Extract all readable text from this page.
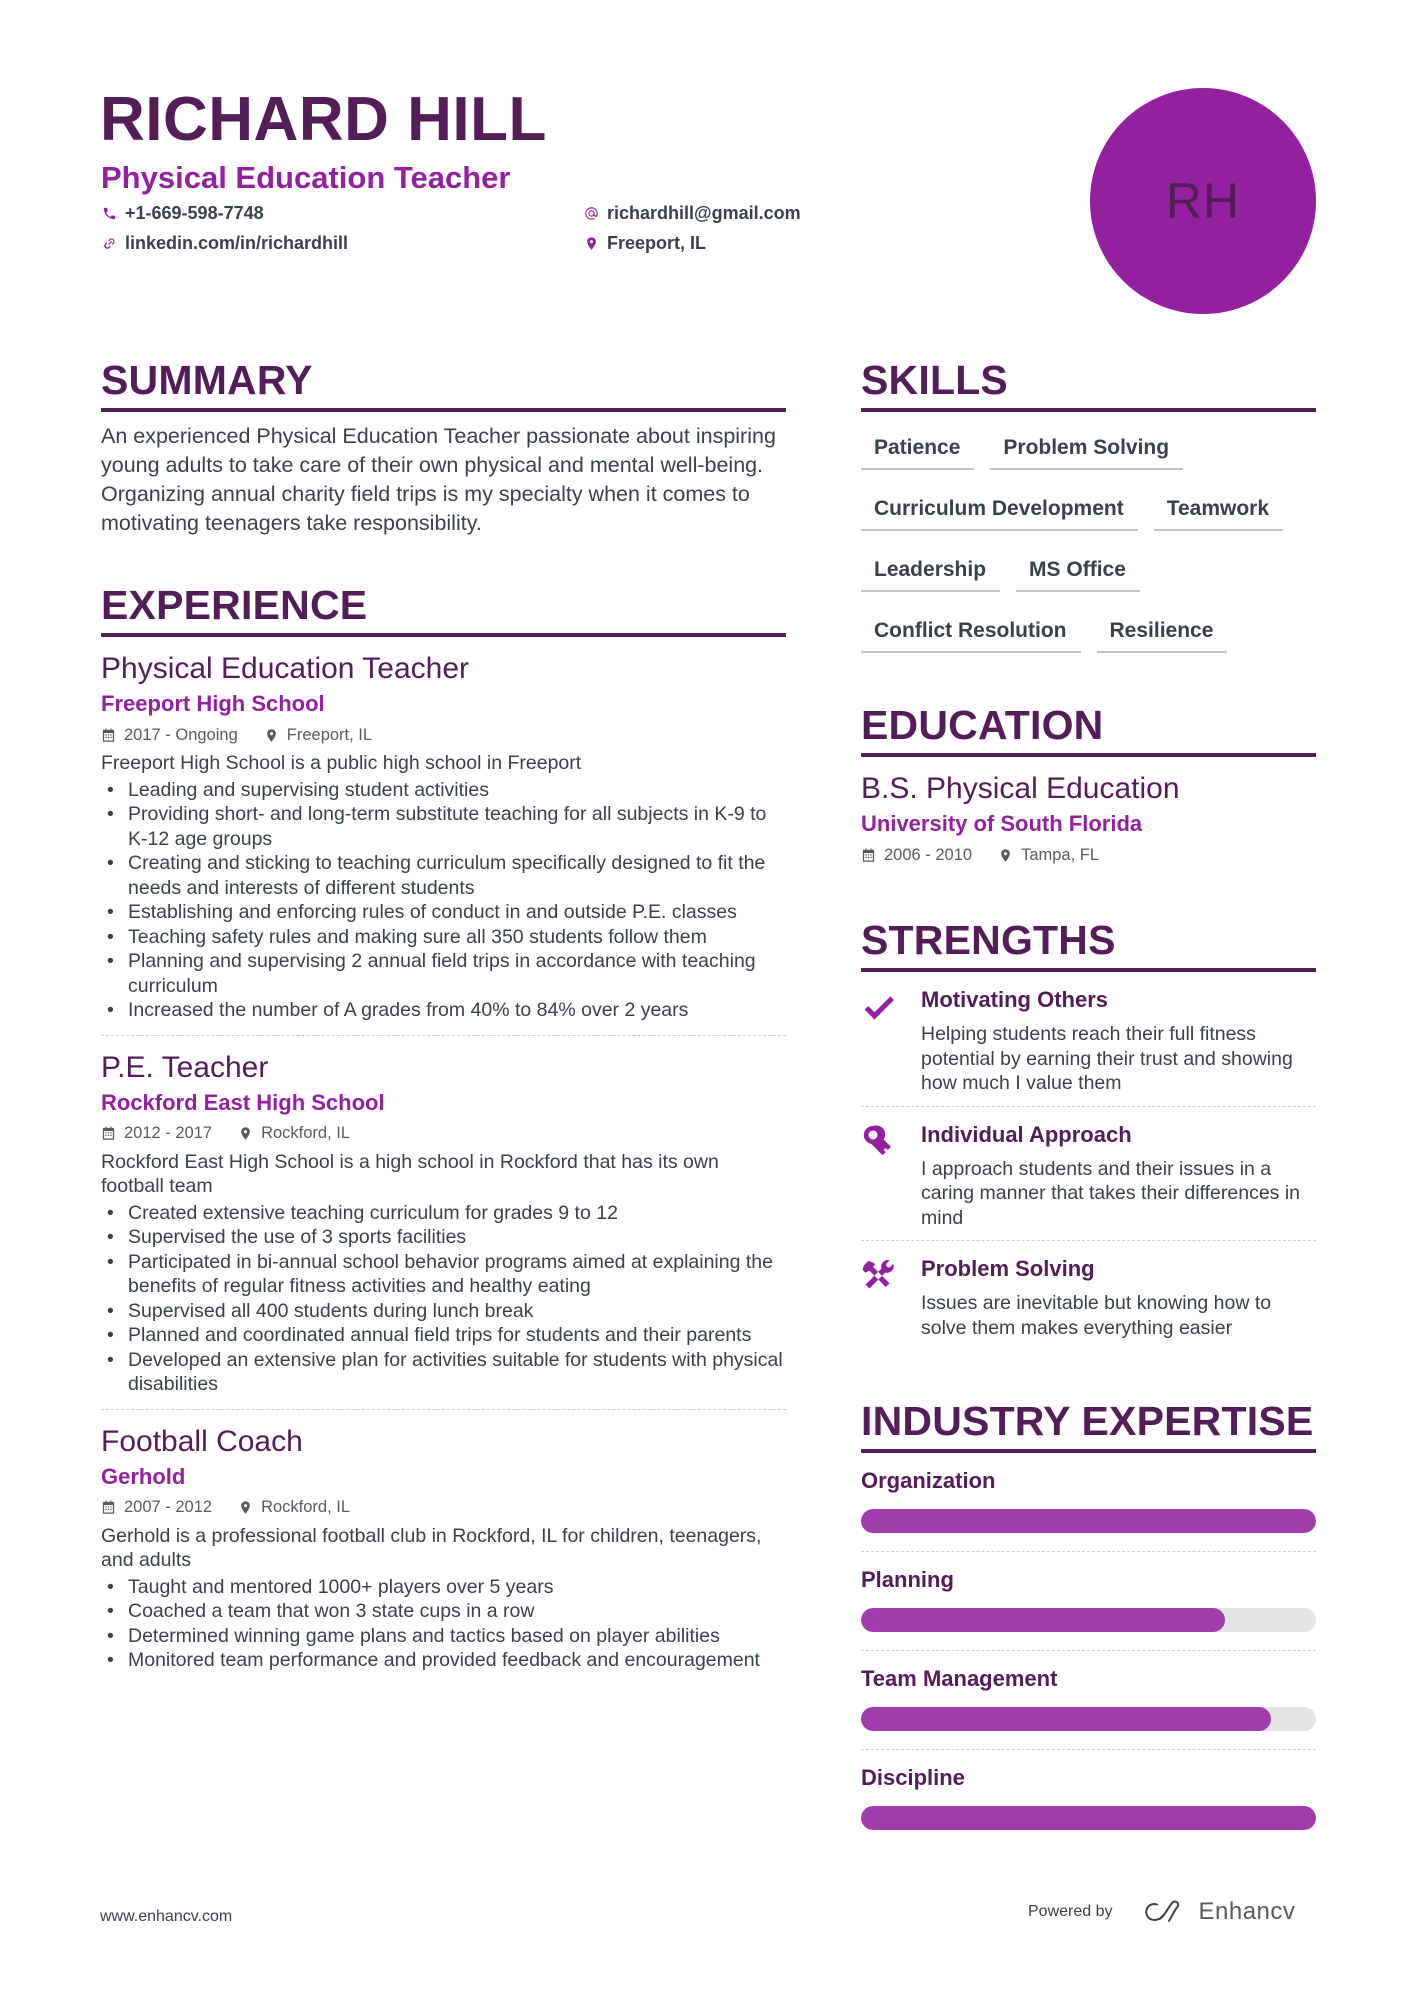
RICHARD HILL
Physical Education Teacher
+1-669-598-7748	richardhill@gmail.com
linkedin.com/in/richardhill	Freeport, IL
RH
SUMMARY
An experienced Physical Education Teacher passionate about inspiring young adults to take care of their own physical and mental well-being. Organizing annual charity field trips is my specialty when it comes to motivating teenagers take responsibility.
EXPERIENCE
Physical Education Teacher
Freeport High School
2017 - Ongoing	Freeport, IL
Freeport High School is a public high school in Freeport
• Leading and supervising student activities
• Providing short- and long-term substitute teaching for all subjects in K-9 to K-12 age groups
• Creating and sticking to teaching curriculum specifically designed to fit the needs and interests of different students
• Establishing and enforcing rules of conduct in and outside P.E. classes
• Teaching safety rules and making sure all 350 students follow them
• Planning and supervising 2 annual field trips in accordance with teaching curriculum
• Increased the number of A grades from 40% to 84% over 2 years
P.E. Teacher
Rockford East High School
2012 - 2017	Rockford, IL
Rockford East High School is a high school in Rockford that has its own football team
• Created extensive teaching curriculum for grades 9 to 12
• Supervised the use of 3 sports facilities
• Participated in bi-annual school behavior programs aimed at explaining the benefits of regular fitness activities and healthy eating
• Supervised all 400 students during lunch break
• Planned and coordinated annual field trips for students and their parents
• Developed an extensive plan for activities suitable for students with physical disabilities
Football Coach
Gerhold
2007 - 2012	Rockford, IL
Gerhold is a professional football club in Rockford, IL for children, teenagers, and adults
• Taught and mentored 1000+ players over 5 years
• Coached a team that won 3 state cups in a row
• Determined winning game plans and tactics based on player abilities
• Monitored team performance and provided feedback and encouragement
SKILLS
Patience	Problem Solving
Curriculum Development	Teamwork
Leadership	MS Office
Conflict Resolution	Resilience
EDUCATION
B.S. Physical Education
University of South Florida
2006 - 2010	Tampa, FL
STRENGTHS
Motivating Others
Helping students reach their full fitness potential by earning their trust and showing how much I value them
Individual Approach
I approach students and their issues in a caring manner that takes their differences in mind
Problem Solving
Issues are inevitable but knowing how to solve them makes everything easier
INDUSTRY EXPERTISE
Organization
Planning
Team Management
Discipline
www.enhancv.com	Powered by	Enhancv
